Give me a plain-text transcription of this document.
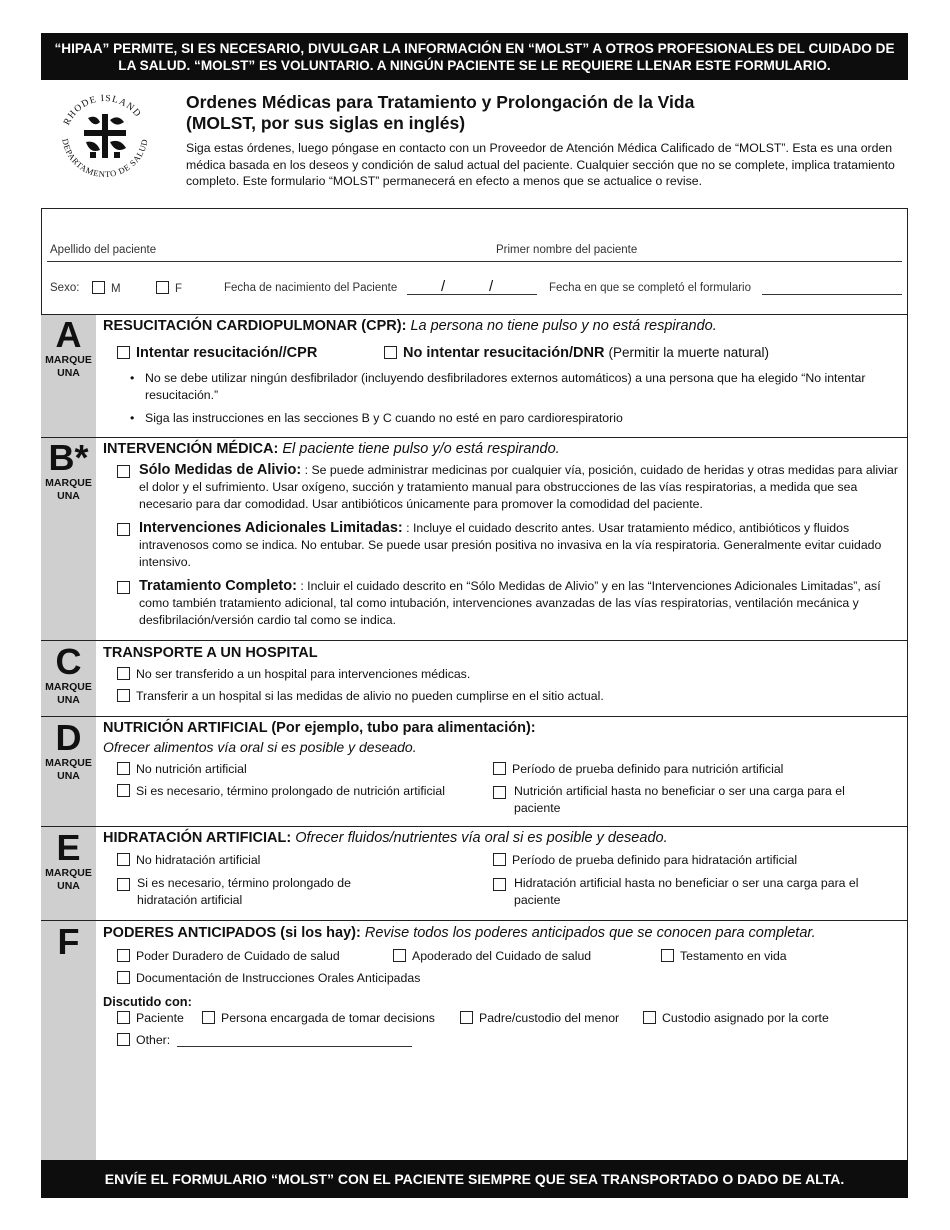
“HIPAA” PERMITE, SI ES NECESARIO, DIVULGAR LA INFORMACIÓN EN “MOLST” A OTROS PROFESIONALES DEL CUIDADO DE LA SALUD. “MOLST” ES VOLUNTARIO. A NINGÚN PACIENTE SE LE REQUIERE LLENAR ESTE FORMULARIO.
RHODE ISLAND
DEPARTAMENTO DE SALUD
Ordenes Médicas para Tratamiento y Prolongación de la Vida
(MOLST, por sus siglas en inglés)
Siga estas órdenes, luego póngase en contacto con un Proveedor de Atención Médica Calificado de “MOLST”. Esta es una orden médica basada en los deseos y condición de salud actual del paciente. Cualquier sección que no se complete, implica tratamiento completo. Este formulario “MOLST” permanecerá en efecto a menos que se actualice o revise.
Apellido del paciente	Primer nombre del paciente
Sexo:	M	F	Fecha de nacimiento del Paciente	/	/	Fecha en que se completó el formulario
A
MARQUE
UNA
RESUCITACIÓN CARDIOPULMONAR (CPR): La persona no tiene pulso y no está respirando.
Intentar resucitación//CPR	No intentar resucitación/DNR (Permitir la muerte natural)
• No se debe utilizar ningún desfibrilador (incluyendo desfibriladores externos automáticos) a una persona que ha elegido “No intentar resucitación.”
• Siga las instrucciones en las secciones B y C cuando no esté en paro cardiorespiratorio
B*
MARQUE
UNA
INTERVENCIÓN MÉDICA: El paciente tiene pulso y/o está respirando.
Sólo Medidas de Alivio: : Se puede administrar medicinas por cualquier vía, posición, cuidado de heridas y otras medidas para aliviar el dolor y el sufrimiento. Usar oxígeno, succión y tratamiento manual para obstrucciones de las vías respiratorias, a medida que sea necesario para dar comodidad. Usar antibióticos únicamente para promover la comodidad del paciente.
Intervenciones Adicionales Limitadas: : Incluye el cuidado descrito antes. Usar tratamiento médico, antibióticos y fluidos intravenosos como se indica. No entubar. Se puede usar presión positiva no invasiva en la vía respiratoria. Generalmente evitar cuidado intensivo.
Tratamiento Completo: : Incluir el cuidado descrito en “Sólo Medidas de Alivio” y en las “Intervenciones Adicionales Limitadas”, así como también tratamiento adicional, tal como intubación, intervenciones avanzadas de las vías respiratorias, ventilación mecánica y desfibrilación/versión cardio tal como se indica.
C
MARQUE
UNA
TRANSPORTE A UN HOSPITAL
No ser transferido a un hospital para intervenciones médicas.
Transferir a un hospital si las medidas de alivio no pueden cumplirse en el sitio actual.
D
MARQUE
UNA
NUTRICIÓN ARTIFICIAL (Por ejemplo, tubo para alimentación):
Ofrecer alimentos vía oral si es posible y deseado.
No nutrición artificial
Si es necesario, término prolongado de nutrición artificial
Período de prueba definido para nutrición artificial
Nutrición artificial hasta no beneficiar o ser una carga para el paciente
E
MARQUE
UNA
HIDRATACIÓN ARTIFICIAL: Ofrecer fluidos/nutrientes vía oral si es posible y deseado.
No hidratación artificial
Si es necesario, término prolongado de hidratación artificial
Período de prueba definido para hidratación artificial
Hidratación artificial hasta no beneficiar o ser una carga para el paciente
F	PODERES ANTICIPADOS (si los hay): Revise todos los poderes anticipados que se conocen para completar.
Poder Duradero de Cuidado de salud	Apoderado del Cuidado de salud	Testamento en vida
Documentación de Instrucciones Orales Anticipadas
Discutido con:
Paciente	Persona encargada de tomar decisions	Padre/custodio del menor	Custodio asignado por la corte
Other:
ENVÍE EL FORMULARIO “MOLST” CON EL PACIENTE SIEMPRE QUE SEA TRANSPORTADO O DADO DE ALTA.
